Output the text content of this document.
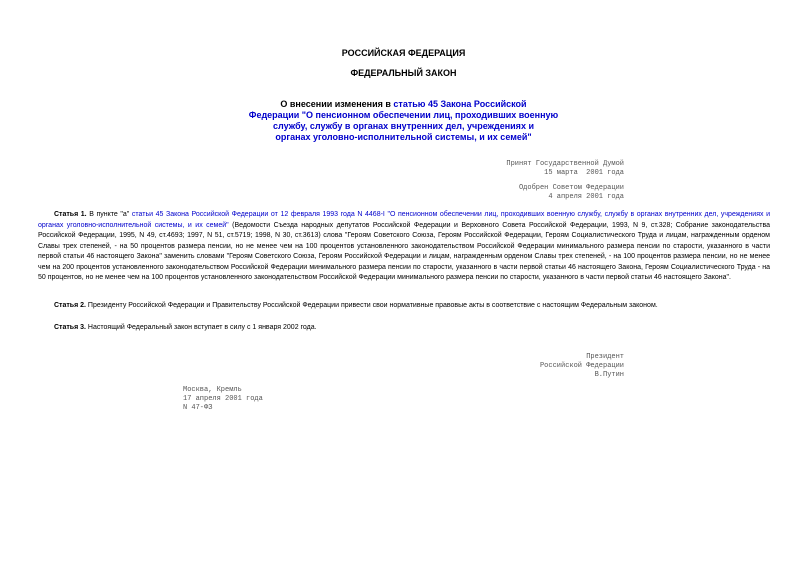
РОССИЙСКАЯ ФЕДЕРАЦИЯ
ФЕДЕРАЛЬНЫЙ ЗАКОН
О внесении изменения в статью 45 Закона Российской
Федерации "О пенсионном обеспечении лиц, проходивших военную
службу, службу в органах внутренних дел, учреждениях и
органах уголовно-исполнительной системы, и их семей"
Принят Государственной Думой
15 марта  2001 года
Одобрен Советом Федерации
4 апреля 2001 года
Статья 1. В пункте "а" статьи 45 Закона Российской Федерации от 12 февраля 1993 года N 4468-I "О пенсионном обеспечении лиц, проходивших военную службу, службу в органах внутренних дел, учреждениях и органах уголовно-исполнительной системы, и их семей" (Ведомости Съезда народных депутатов Российской Федерации и Верховного Совета Российской Федерации, 1993, N 9, ст.328; Собрание законодательства Российской Федерации, 1995, N 49, ст.4693; 1997, N 51, ст.5719; 1998, N 30, ст.3613) слова "Героям Советского Союза, Героям Российской Федерации, Героям Социалистического Труда и лицам, награжденным орденом Славы трех степеней, - на 50 процентов размера пенсии, но не менее чем на 100 процентов установленного законодательством Российской Федерации минимального размера пенсии по старости, указанного в части первой статьи 46 настоящего Закона" заменить словами "Героям Советского Союза, Героям Российской Федерации и лицам, награжденным орденом Славы трех степеней, - на 100 процентов размера пенсии, но не менее чем на 200 процентов установленного законодательством Российской Федерации минимального размера пенсии по старости, указанного в части первой статьи 46 настоящего Закона, Героям Социалистического Труда - на 50 процентов, но не менее чем на 100 процентов установленного законодательством Российской Федерации минимального размера пенсии по старости, указанного в части первой статьи 46 настоящего Закона".
Статья 2. Президенту Российской Федерации и Правительству Российской Федерации привести свои нормативные правовые акты в соответствие с настоящим Федеральным законом.
Статья 3. Настоящий Федеральный закон вступает в силу с 1 января 2002 года.
Президент
Российской Федерации
В.Путин
Москва, Кремль
17 апреля 2001 года
N 47-ФЗ
